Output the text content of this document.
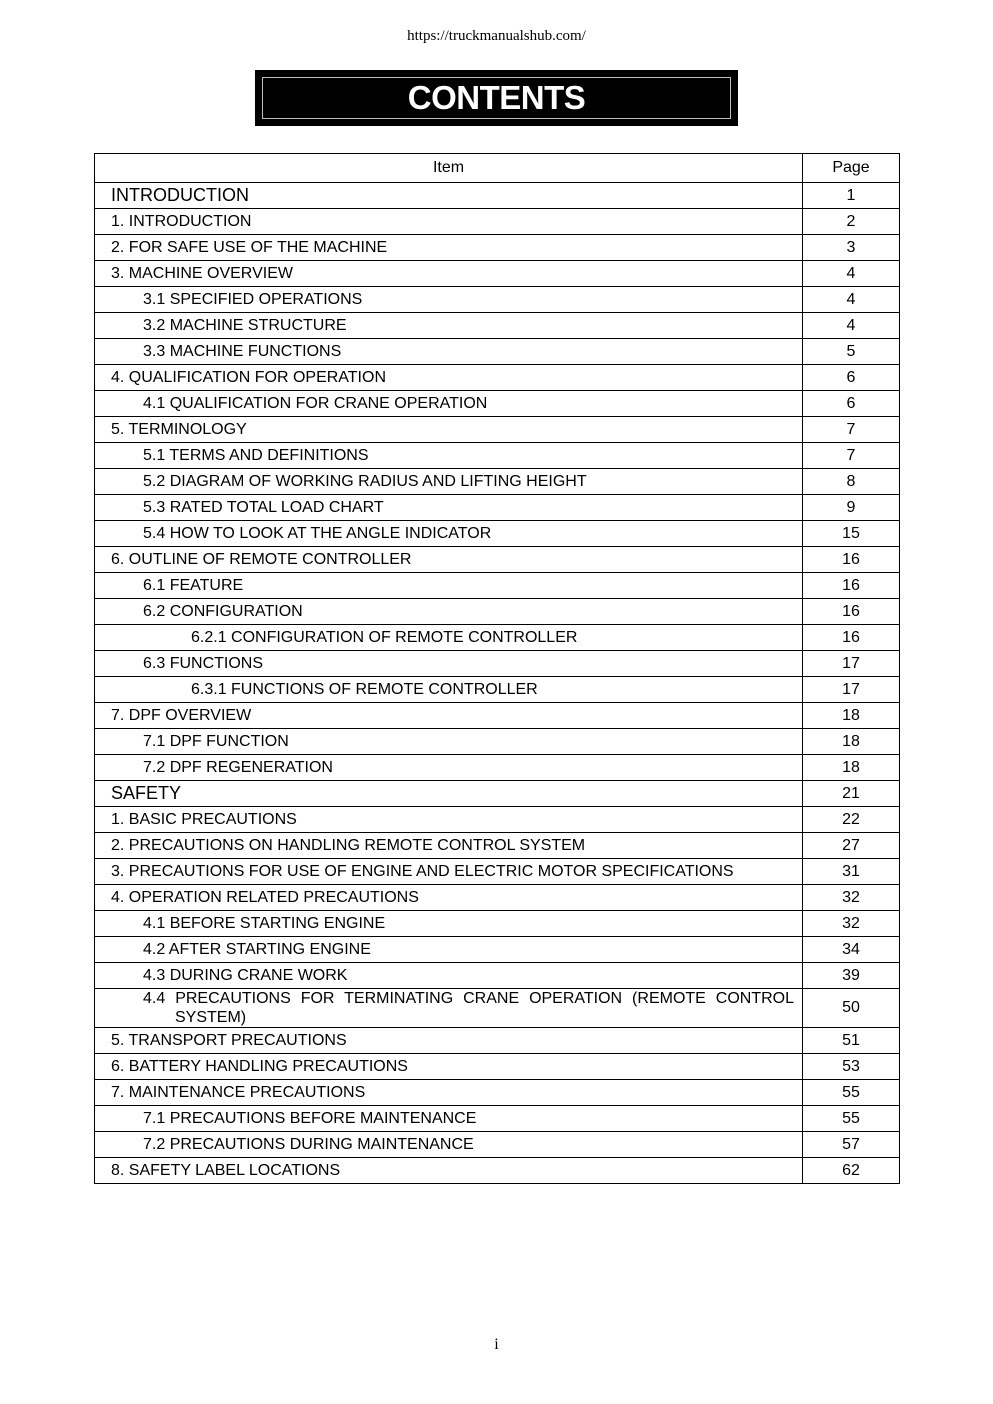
https://truckmanualshub.com/
CONTENTS
Item	Page
INTRODUCTION	1
1. INTRODUCTION	2
2. FOR SAFE USE OF THE MACHINE	3
3. MACHINE OVERVIEW	4
3.1 SPECIFIED OPERATIONS	4
3.2 MACHINE STRUCTURE	4
3.3 MACHINE FUNCTIONS	5
4. QUALIFICATION FOR OPERATION	6
4.1 QUALIFICATION FOR CRANE OPERATION	6
5. TERMINOLOGY	7
5.1 TERMS AND DEFINITIONS	7
5.2 DIAGRAM OF WORKING RADIUS AND LIFTING HEIGHT	8
5.3 RATED TOTAL LOAD CHART	9
5.4 HOW TO LOOK AT THE ANGLE INDICATOR	15
6. OUTLINE OF REMOTE CONTROLLER	16
6.1 FEATURE	16
6.2 CONFIGURATION	16
6.2.1 CONFIGURATION OF REMOTE CONTROLLER	16
6.3 FUNCTIONS	17
6.3.1 FUNCTIONS OF REMOTE CONTROLLER	17
7. DPF OVERVIEW	18
7.1 DPF FUNCTION	18
7.2 DPF REGENERATION	18
SAFETY	21
1. BASIC PRECAUTIONS	22
2. PRECAUTIONS ON HANDLING REMOTE CONTROL SYSTEM	27
3. PRECAUTIONS FOR USE OF ENGINE AND ELECTRIC MOTOR SPECIFICATIONS	31
4. OPERATION RELATED PRECAUTIONS	32
4.1 BEFORE STARTING ENGINE	32
4.2 AFTER STARTING ENGINE	34
4.3 DURING CRANE WORK	39

4.4 PRECAUTIONS FOR TERMINATING CRANE OPERATION (REMOTE CONTROL SYSTEM)	50
5. TRANSPORT PRECAUTIONS	51
6. BATTERY HANDLING PRECAUTIONS	53
7. MAINTENANCE PRECAUTIONS	55
7.1 PRECAUTIONS BEFORE MAINTENANCE	55
7.2 PRECAUTIONS DURING MAINTENANCE	57
8. SAFETY LABEL LOCATIONS	62
i
